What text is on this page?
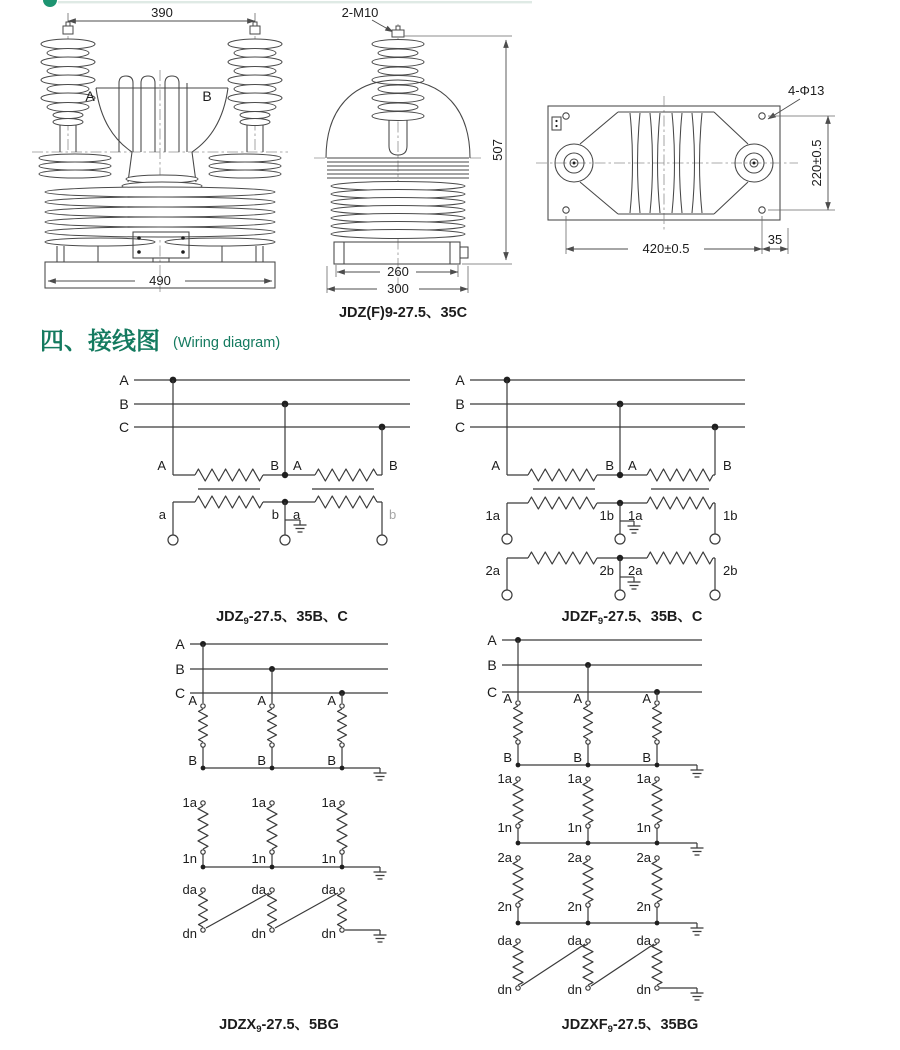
390
A	B
490
2-M10
507
260
300
JDZ(F)9-27.5、35C
4-Φ13
220±0.5
420±0.5
35
四、接线图 (Wiring diagram)
A
B
C
A	B A	B
a	b a	b
$JDZ_9-27.5$、35B、C
A
B
C
A	B A	B
1a	1b 1a	1b
2a	2b 2a	2b
$JDZF_9-27.5$、35B、C
A
B
C A	A	A
B	B	B
1a	1a	1a
1n	1n	1n
da	da	da
dn	dn	dn
$JDZX_9-27.5$、5BG
A
B
C A	A	A
B	B	B
1a	1a	1a
1n	1n	1n
2a	2a	2a
2n	2n	2n
da	da	da
dn	dn	dn
$JDZXF_9-27.5$、35BG
